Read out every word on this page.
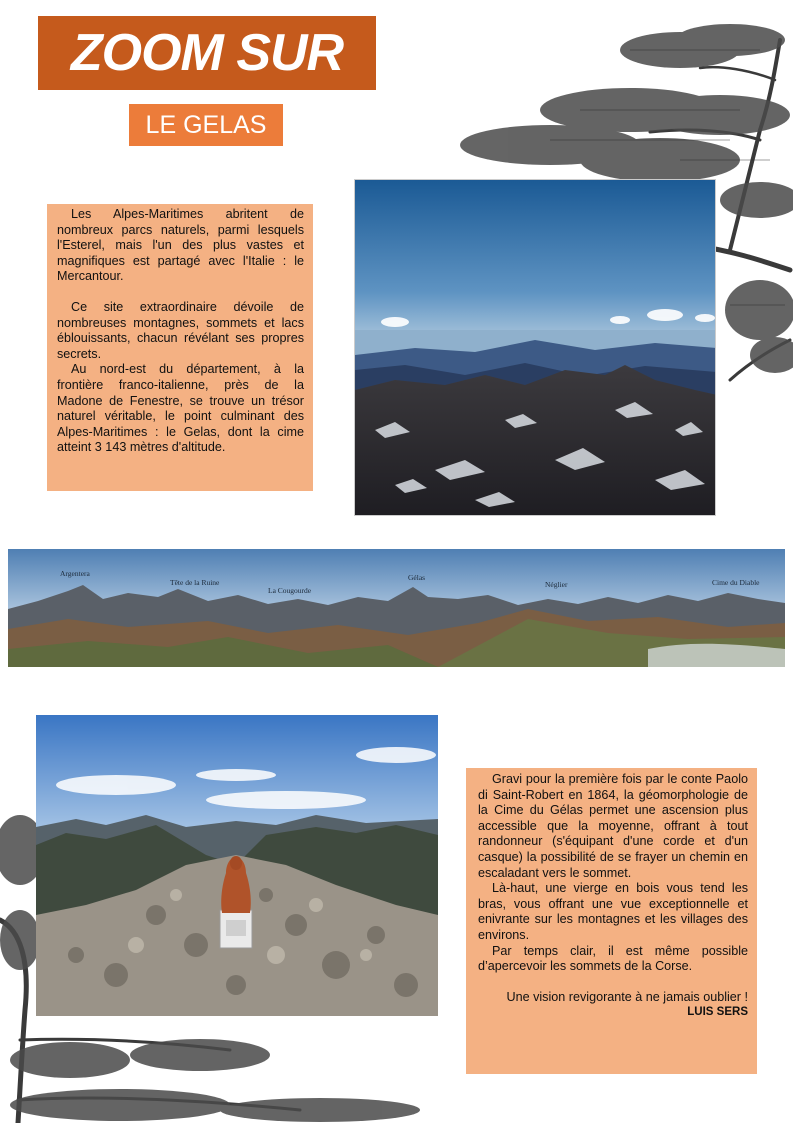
ZOOM SUR
LE GELAS

Les Alpes-Maritimes abritent de nombreux parcs naturels, parmi lesquels l'Esterel, mais l'un des plus vastes et magnifiques est partagé avec l'Italie : le Mercantour.

Ce site extraordinaire dévoile de nombreuses montagnes, sommets et lacs éblouissants, chacun révélant ses propres secrets.

Au nord-est du département, à la frontière franco-italienne, près de la Madone de Fenestre, se trouve un trésor naturel véritable, le point culminant des Alpes-Maritimes : le Gelas, dont la cime atteint 3 143 mètres d'altitude.

Argentera
Tête de la Ruine
La Cougourde
Gélas
Néglier	Cime du Diable

Gravi pour la première fois par le conte Paolo di Saint-Robert en 1864, la géomorphologie de la Cime du Gélas permet une ascension plus accessible que la moyenne, offrant à tout randonneur (s'équipant d'une corde et d'un casque) la possibilité de se frayer un chemin en escaladant vers le sommet.

Là-haut, une vierge en bois vous tend les bras, vous offrant une vue exceptionnelle et enivrante sur les montagnes et les villages des environs.

Par temps clair, il est même possible d’apercevoir les sommets de la Corse.

Une vision revigorante à ne jamais oublier !

LUIS SERS
